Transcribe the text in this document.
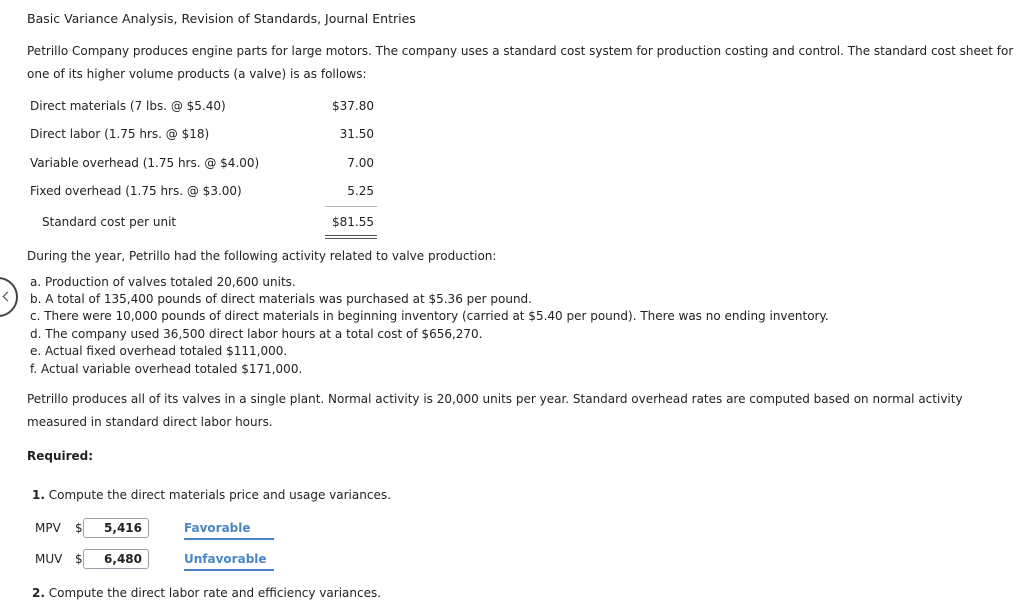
Basic Variance Analysis, Revision of Standards, Journal Entries
Petrillo Company produces engine parts for large motors. The company uses a standard cost system for production costing and control. The standard cost sheet for one of its higher volume products (a valve) is as follows:
Direct materials (7 lbs. @ $5.40)	$37.80
Direct labor (1.75 hrs. @ $18)	31.50
Variable overhead (1.75 hrs. @ $4.00)	7.00
Fixed overhead (1.75 hrs. @ $3.00)	5.25
Standard cost per unit	$81.55
During the year, Petrillo had the following activity related to valve production:
a. Production of valves totaled 20,600 units.
b. A total of 135,400 pounds of direct materials was purchased at $5.36 per pound.
c. There were 10,000 pounds of direct materials in beginning inventory (carried at $5.40 per pound). There was no ending inventory.
d. The company used 36,500 direct labor hours at a total cost of $656,270.
e. Actual fixed overhead totaled $111,000.
f. Actual variable overhead totaled $171,000.
Petrillo produces all of its valves in a single plant. Normal activity is 20,000 units per year. Standard overhead rates are computed based on normal activity measured in standard direct labor hours.
Required:
1. Compute the direct materials price and usage variances.
MPV $
5,416	Favorable
MUV $
6,480	Unfavorable
2. Compute the direct labor rate and efficiency variances.
